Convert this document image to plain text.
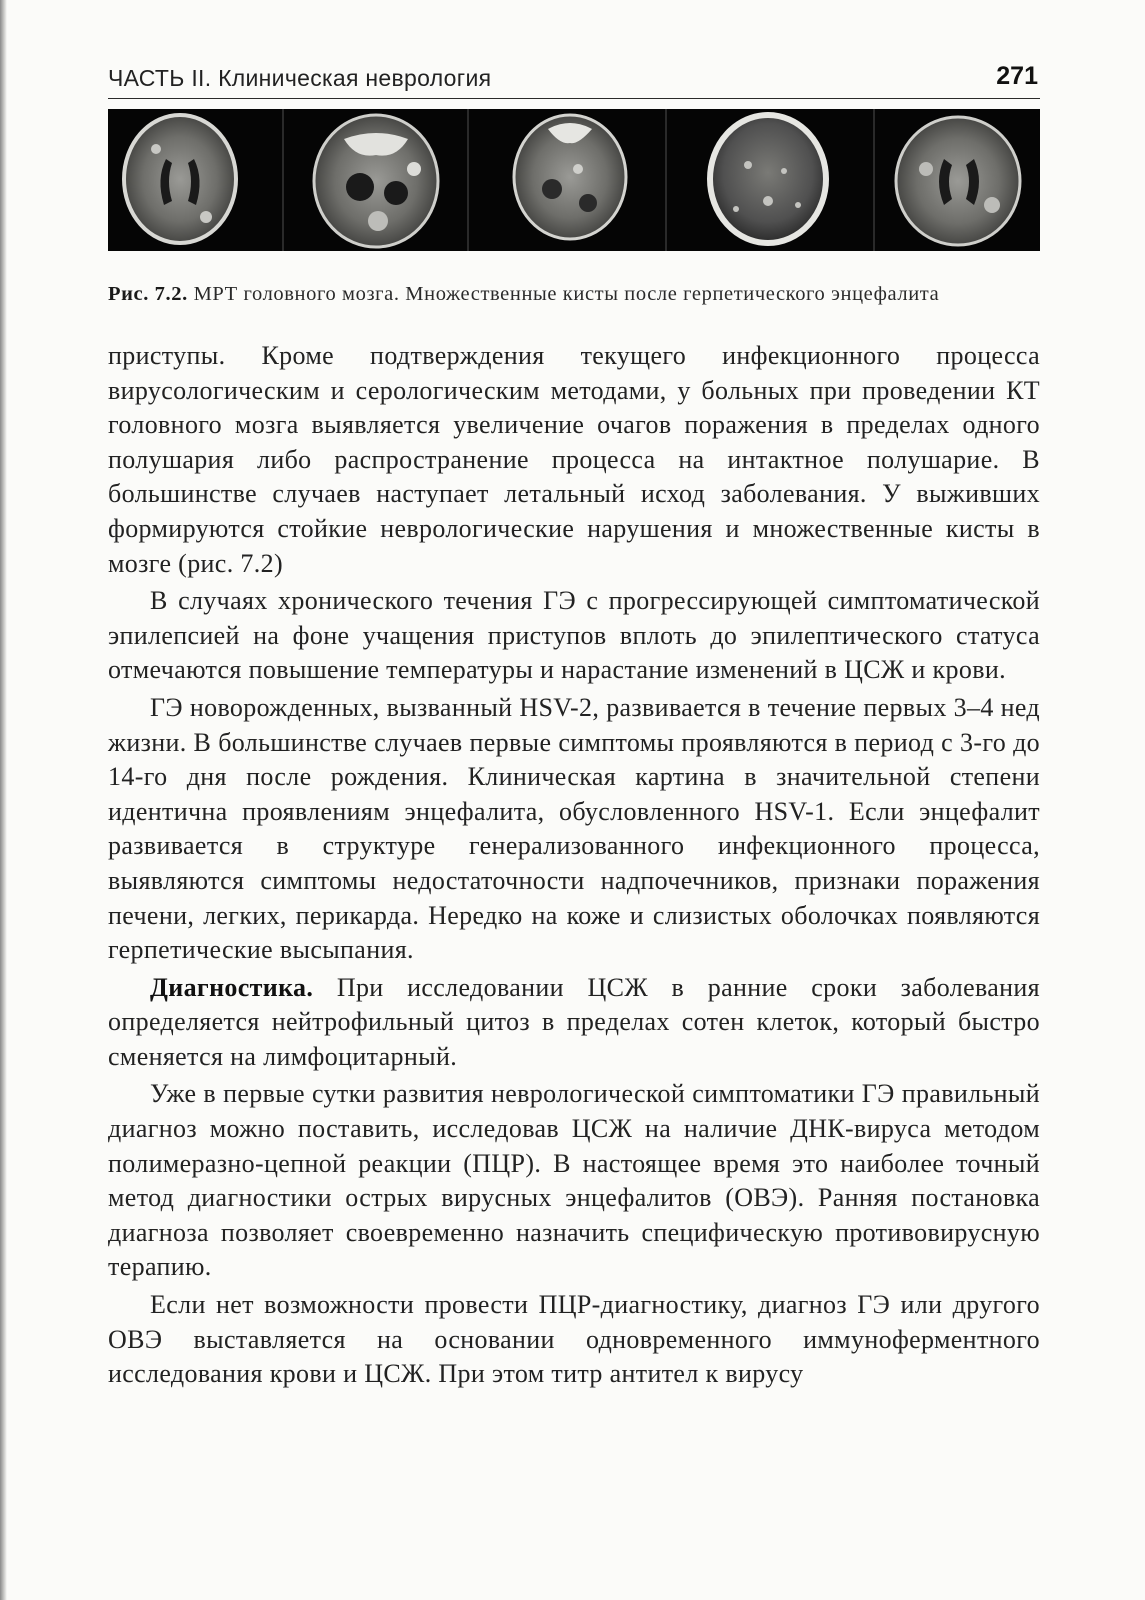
ЧАСТЬ II. Клиническая неврология	271
Рис. 7.2. МРТ головного мозга. Множественные кисты после герпетического энцефалита

приступы. Кроме подтверждения текущего инфекционного процесса вирусологическим и серологическим методами, у больных при проведении КТ головного мозга выявляется увеличение очагов поражения в пределах одного полушария либо распространение процесса на интактное полушарие. В большинстве случаев наступает летальный исход заболевания. У выживших формируются стойкие неврологические нарушения и множественные кисты в мозге (рис. 7.2)

В случаях хронического течения ГЭ с прогрессирующей симптоматической эпилепсией на фоне учащения приступов вплоть до эпилептического статуса отмечаются повышение температуры и нарастание изменений в ЦСЖ и крови.

ГЭ новорожденных, вызванный HSV-2, развивается в течение первых 3–4 нед жизни. В большинстве случаев первые симптомы проявляются в период с 3-го до 14-го дня после рождения. Клиническая картина в значительной степени идентична проявлениям энцефалита, обусловленного HSV-1. Если энцефалит развивается в структуре генерализованного инфекционного процесса, выявляются симптомы недостаточности надпочечников, признаки поражения печени, легких, перикарда. Нередко на коже и слизистых оболочках появляются герпетические высыпания.

Диагностика. При исследовании ЦСЖ в ранние сроки заболевания определяется нейтрофильный цитоз в пределах сотен клеток, который быстро сменяется на лимфоцитарный.

Уже в первые сутки развития неврологической симптоматики ГЭ правильный диагноз можно поставить, исследовав ЦСЖ на наличие ДНК-вируса методом полимеразно-цепной реакции (ПЦР). В настоящее время это наиболее точный метод диагностики острых вирусных энцефалитов (ОВЭ). Ранняя постановка диагноза позволяет своевременно назначить специфическую противовирусную терапию.

Если нет возможности провести ПЦР-диагностику, диагноз ГЭ или другого ОВЭ выставляется на основании одновременного иммуноферментного исследования крови и ЦСЖ. При этом титр антител к вирусу
